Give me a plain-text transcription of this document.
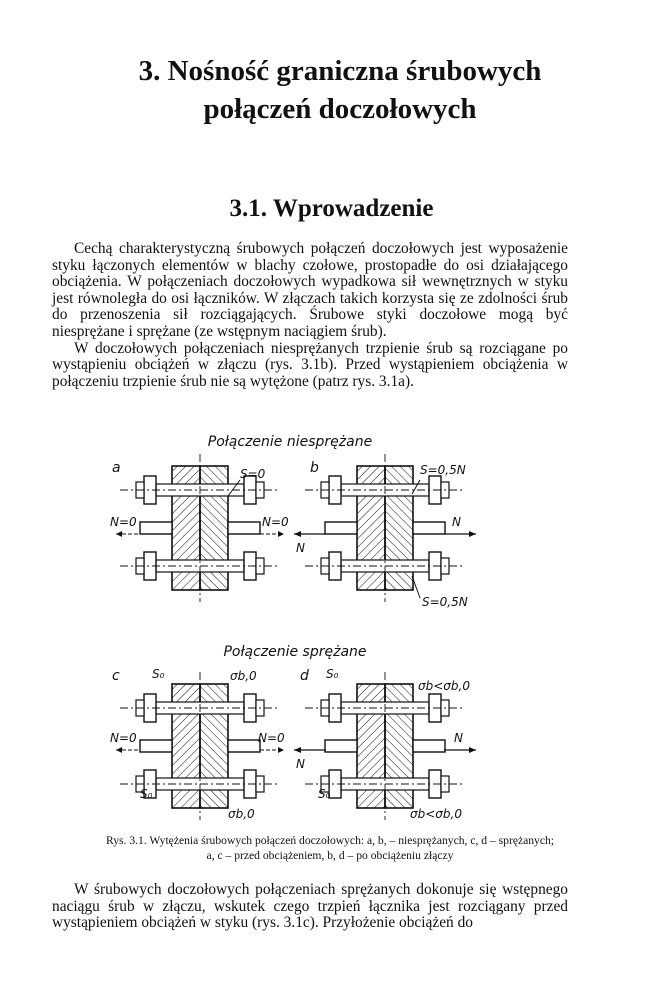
3. Nośność graniczna śrubowych
połączeń doczołowych
3.1. Wprowadzenie

Cechą charakterystyczną śrubowych połączeń doczołowych jest wyposażenie styku łączonych elementów w blachy czołowe, prostopadłe do osi działającego obciążenia. W połączeniach doczołowych wypadkowa sił wewnętrznych w styku jest równoległa do osi łączników. W złączach takich korzysta się ze zdolności śrub do przenoszenia sił rozciągających. Śrubowe styki doczołowe mogą być niesprężane i sprężane (ze wstępnym naciągiem śrub).

W doczołowych połączeniach niesprężanych trzpienie śrub są rozciągane po wystąpieniu obciążeń w złączu (rys. 3.1b). Przed wystąpieniem obciążenia w połączeniu trzpienie śrub nie są wytężone (patrz rys. 3.1a).

Połączenie niesprężane
Połączenie sprężane
a	S=0
N=0	N=0
b	S=0,5N
S=0,5N
N
N
c	S₀	σb,0
S₀
σb,0
N=0	N=0
d S₀
σb<σb,0
S₀
σb<σb,0
N
N
Rys. 3.1. Wytężenia śrubowych połączeń doczołowych: a, b, – niesprężanych, c, d – sprężanych;
a, c – przed obciążeniem, b, d – po obciążeniu złączy

W śrubowych doczołowych połączeniach sprężanych dokonuje się wstępnego naciągu śrub w złączu, wskutek czego trzpień łącznika jest rozciągany przed wystąpieniem obciążeń w styku (rys. 3.1c). Przyłożenie obciążeń do
